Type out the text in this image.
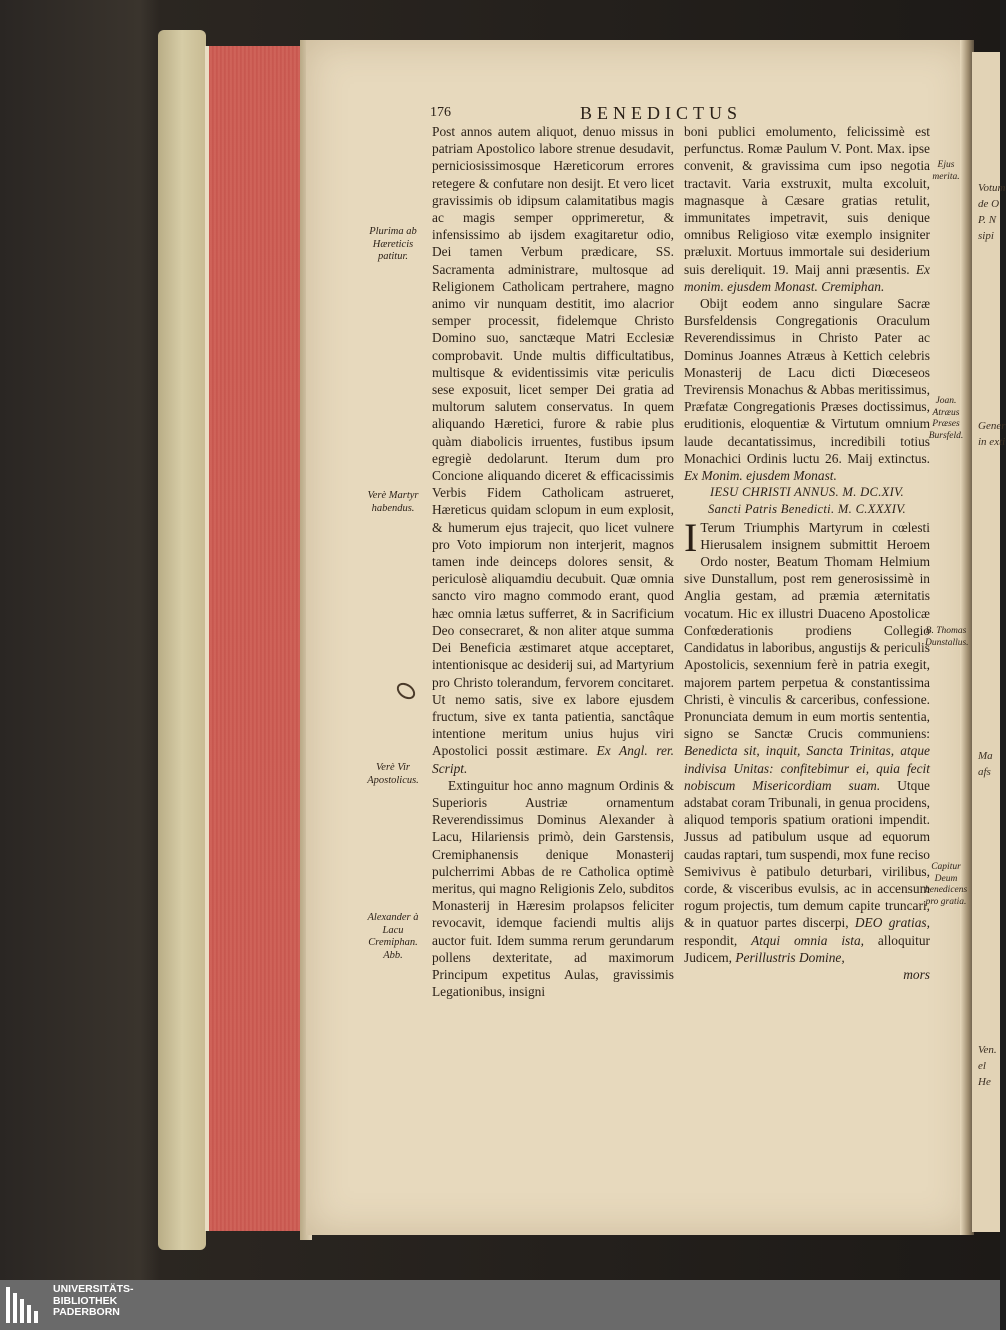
Votum
de O
P. N
sipi
Gener
in exti
Ma
afs
Ven.
el
He
176	BENEDICTUS

Post annos autem aliquot, denuo missus in patriam Apostolico labore strenue desudavit, perniciosissimosque Hæreticorum errores retegere & confutare non desijt. Et vero licet gravissimis ob idipsum calamitatibus magis ac magis semper opprimeretur, & infensissimo ab ijsdem exagitaretur odio, Dei tamen Verbum prædicare, SS. Sacramenta administrare, multosque ad Religionem Catholicam pertrahere, magno animo vir nunquam destitit, imo alacrior semper processit, fidelemque Christo Domino suo, sanctæque Matri Ecclesiæ comprobavit. Unde multis difficultatibus, multisque & evidentissimis vitæ periculis sese exposuit, licet semper Dei gratia ad multorum salutem conservatus. In quem aliquando Hæretici, furore & rabie plus quàm diabolicis irruentes, fustibus ipsum egregiè dedolarunt. Iterum dum pro Concione aliquando diceret & efficacissimis Verbis Fidem Catholicam astrueret, Hæreticus quidam sclopum in eum explosit, & humerum ejus trajecit, quo licet vulnere pro Voto impiorum non interjerit, magnos tamen inde deinceps dolores sensit, & periculosè aliquamdiu decubuit. Quæ omnia sancto viro magno commodo erant, quod hæc omnia lætus sufferret, & in Sacrificium Deo consecraret, & non aliter atque summa Dei Beneficia æstimaret atque acceptaret, intentionisque ac desiderij sui, ad Martyrium pro Christo tolerandum, fervorem concitaret. Ut nemo satis, sive ex labore ejusdem fructum, sive ex tanta patientia, sanctâque intentione meritum unius hujus viri Apostolici possit æstimare. Ex Angl. rer. Script.

Extinguitur hoc anno magnum Ordinis & Superioris Austriæ ornamentum Reverendissimus Dominus Alexander à Lacu, Hilariensis primò, dein Garstensis, Cremiphanensis denique Monasterij pulcherrimi Abbas de re Catholica optimè meritus, qui magno Religionis Zelo, subditos Monasterij in Hæresim prolapsos feliciter revocavit, idemque faciendi multis alijs auctor fuit. Idem summa rerum gerundarum pollens dexteritate, ad maximorum Principum expetitus Aulas, gravissimis Legationibus, insigni

boni publici emolumento, felicissimè est perfunctus. Romæ Paulum V. Pont. Max. ipse convenit, & gravissima cum ipso negotia tractavit. Varia exstruxit, multa excoluit, magnasque à Cæsare gratias retulit, immunitates impetravit, suis denique omnibus Religioso vitæ exemplo insigniter præluxit. Mortuus immortale sui desiderium suis dereliquit. 19. Maij anni præsentis. Ex monim. ejusdem Monast. Cremiphan.

Obijt eodem anno singulare Sacræ Bursfeldensis Congregationis Oraculum Reverendissimus in Christo Pater ac Dominus Joannes Atræus à Kettich celebris Monasterij de Lacu dicti Diœceseos Trevirensis Monachus & Abbas meritissimus, Præfatæ Congregationis Præses doctissimus, eruditionis, eloquentiæ & Virtutum omnium laude decantatissimus, incredibili totius Monachici Ordinis luctu 26. Maij extinctus. Ex Monim. ejusdem Monast.

IESU CHRISTI ANNUS. M. DC.XIV.

Sancti Patris Benedicti. M. C.XXXIV.

I Terum Triumphis Martyrum in cœlesti Hierusalem insignem submittit Heroem Ordo noster, Beatum Thomam Helmium sive Dunstallum, post rem generosissimè in Anglia gestam, ad præmia æternitatis vocatum. Hic ex illustri Duaceno Apostolicæ Confœderationis prodiens Collegio Candidatus in laboribus, angustijs & periculis Apostolicis, sexennium ferè in patria exegit, majorem partem perpetua & constantissima Christi, è vinculis & carceribus, confessione. Pronunciata demum in eum mortis sententia, signo se Sanctæ Crucis communiens: Benedicta sit, inquit, Sancta Trinitas, atque indivisa Unitas: confitebimur ei, quia fecit nobiscum Misericordiam suam. Utque adstabat coram Tribunali, in genua procidens, aliquod temporis spatium orationi impendit. Jussus ad patibulum usque ad equorum caudas raptari, tum suspendi, mox fune reciso Semivivus è patibulo deturbari, virilibus, corde, & visceribus evulsis, ac in accensum rogum projectis, tum demum capite truncari, & in quatuor partes discerpi, DEO gratias, respondit, Atqui omnia ista, alloquitur Judicem, Perillustris Domine,

mors

Plurima ab Hæreticis patitur.
Verè Martyr habendus.
Verè Vir Apostolicus.
Alexander à Lacu Cremiphan. Abb.
Ejus merita.
Joan. Atræus Præses Bursfeld.
B. Thomas Dunstallus.
Capitur Deum benedicens pro gratia.
UNIVERSITÄTS-
BIBLIOTHEK
PADERBORN
